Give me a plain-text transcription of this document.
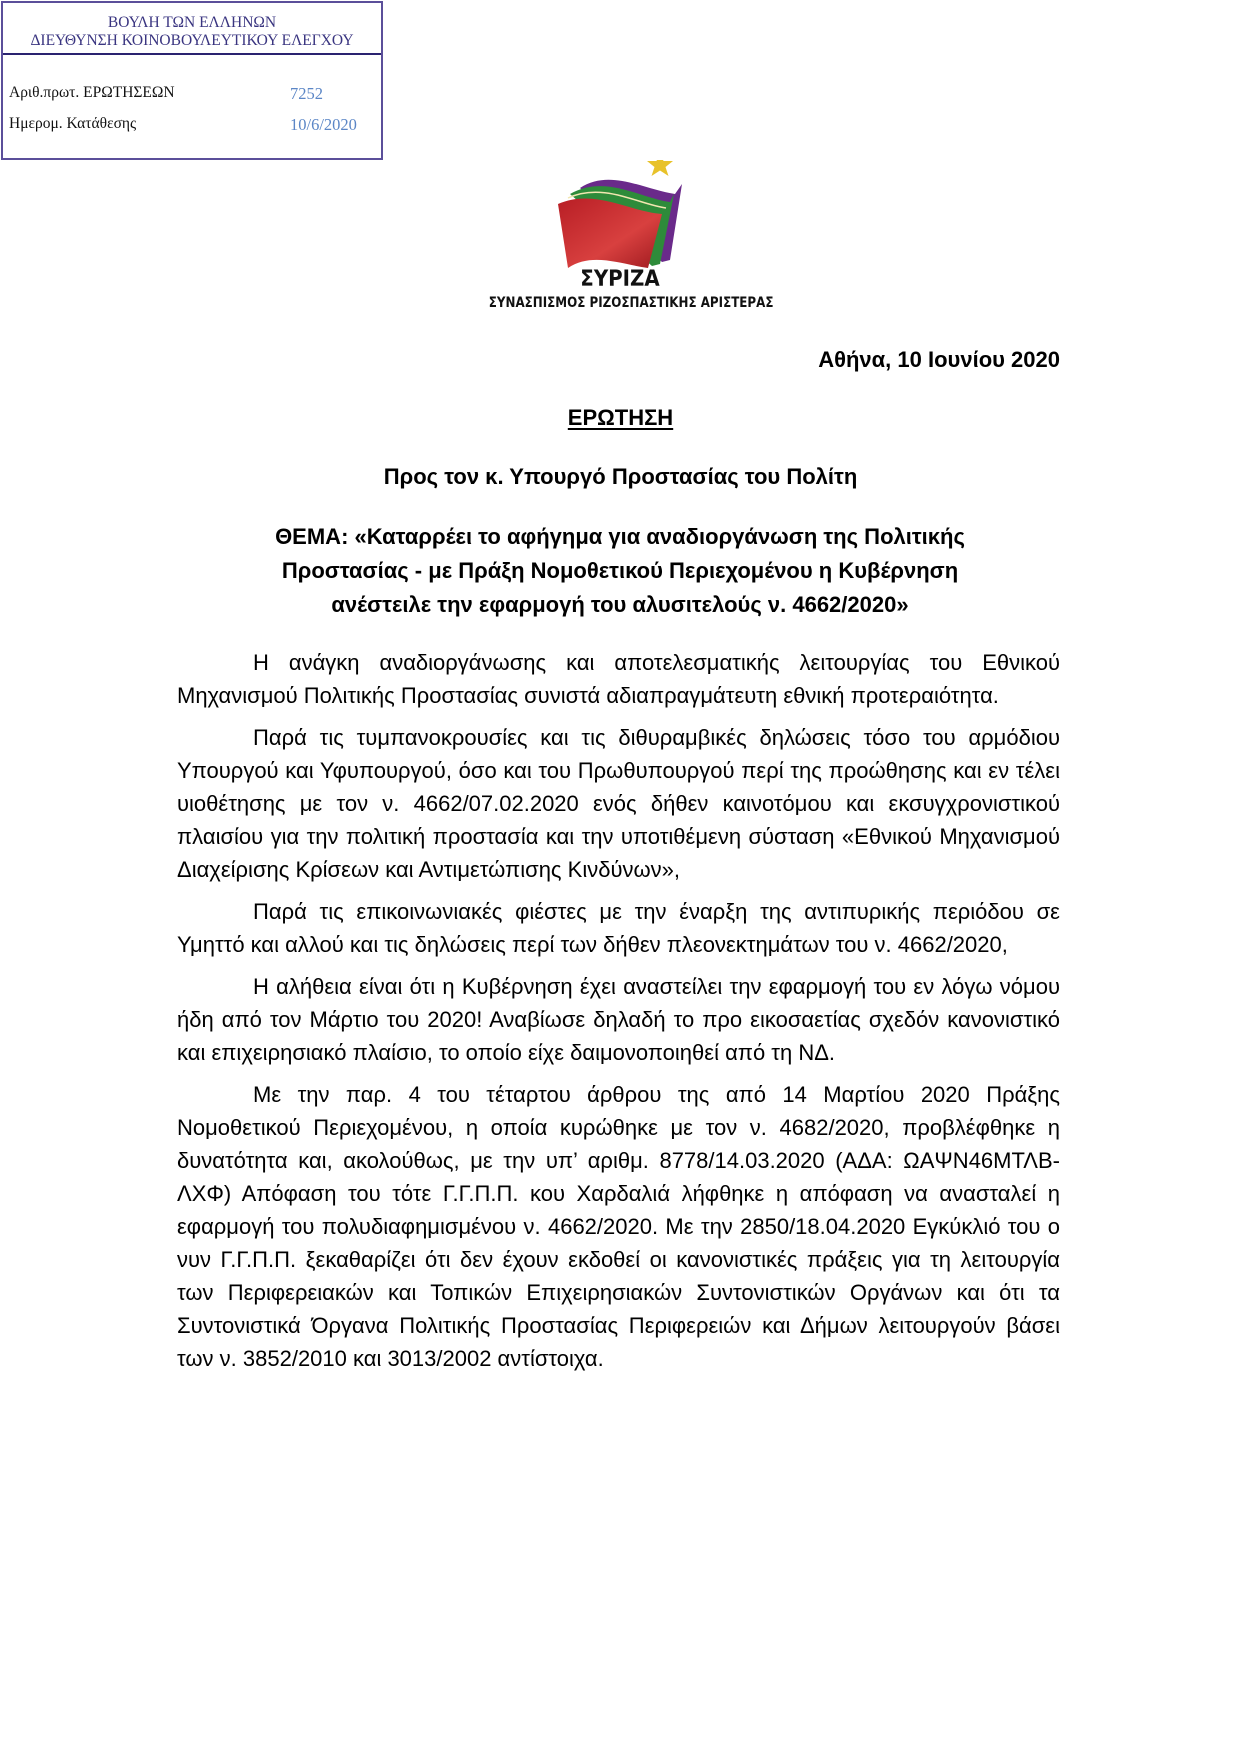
ΒΟΥΛΗ ΤΩΝ ΕΛΛΗΝΩΝ
ΔΙΕΥΘΥΝΣΗ ΚΟΙΝΟΒΟΥΛΕΥΤΙΚΟΥ ΕΛΕΓΧΟΥ
Αριθ.πρωτ. ΕΡΩΤΗΣΕΩΝ	7252
Ημερομ. Κατάθεσης	10/6/2020
ΣΥΡΙΖΑ
ΣΥΝΑΣΠΙΣΜΟΣ ΡΙΖΟΣΠΑΣΤΙΚΗΣ ΑΡΙΣΤΕΡΑΣ
Αθήνα, 10 Ιουνίου 2020
ΕΡΩΤΗΣΗ
Προς τον κ. Υπουργό Προστασίας του Πολίτη
ΘΕΜΑ: «Καταρρέει το αφήγημα για αναδιοργάνωση της Πολιτικής
Προστασίας - με Πράξη Νομοθετικού Περιεχομένου η Κυβέρνηση
ανέστειλε την εφαρμογή του αλυσιτελούς ν. 4662/2020»

Η ανάγκη αναδιοργάνωσης και αποτελεσματικής λειτουργίας του Εθνικού Μηχανισμού Πολιτικής Προστασίας συνιστά αδιαπραγμάτευτη εθνική προτεραιότητα.

Παρά τις τυμπανοκρουσίες και τις διθυραμβικές δηλώσεις τόσο του αρμόδιου Υπουργού και Υφυπουργού, όσο και του Πρωθυπουργού περί της προώθησης και εν τέλει υιοθέτησης με τον ν. 4662/07.02.2020 ενός δήθεν καινοτόμου και εκσυγχρονιστικού πλαισίου για την πολιτική προστασία και την υποτιθέμενη σύσταση «Εθνικού Μηχανισμού Διαχείρισης Κρίσεων και Αντιμετώπισης Κινδύνων»,

Παρά τις επικοινωνιακές φιέστες με την έναρξη της αντιπυρικής περιόδου σε Υμηττό και αλλού και τις δηλώσεις περί των δήθεν πλεονεκτημάτων του ν. 4662/2020,

Η αλήθεια είναι ότι η Κυβέρνηση έχει αναστείλει την εφαρμογή του εν λόγω νόμου ήδη από τον Μάρτιο του 2020! Αναβίωσε δηλαδή το προ εικοσαετίας σχεδόν κανονιστικό και επιχειρησιακό πλαίσιο, το οποίο είχε δαιμονοποιηθεί από τη ΝΔ.

Με την παρ. 4 του τέταρτου άρθρου της από 14 Μαρτίου 2020 Πράξης Νομοθετικού Περιεχομένου, η οποία κυρώθηκε με τον ν. 4682/2020, προβλέφθηκε η δυνατότητα και, ακολούθως, με την υπ’ αριθμ. 8778/14.03.2020 (ΑΔΑ: ΩΑΨΝ46ΜΤΛΒ-ΛΧΦ) Απόφαση του τότε Γ.Γ.Π.Π. κου Χαρδαλιά λήφθηκε η απόφαση να ανασταλεί η εφαρμογή του πολυδιαφημισμένου ν. 4662/2020. Με την 2850/18.04.2020 Εγκύκλιό του ο νυν Γ.Γ.Π.Π. ξεκαθαρίζει ότι δεν έχουν εκδοθεί οι κανονιστικές πράξεις για τη λειτουργία των Περιφερειακών και Τοπικών Επιχειρησιακών Συντονιστικών Οργάνων και ότι τα Συντονιστικά Όργανα Πολιτικής Προστασίας Περιφερειών και Δήμων λειτουργούν βάσει των ν. 3852/2010 και 3013/2002 αντίστοιχα.
